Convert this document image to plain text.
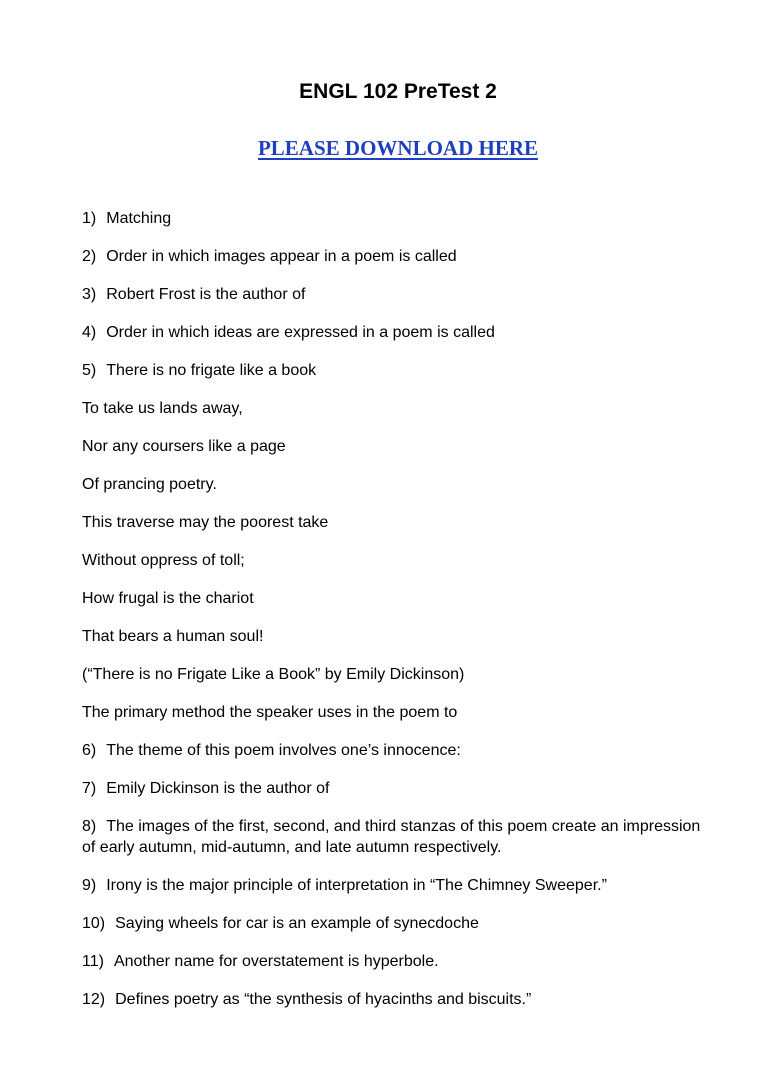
ENGL 102 PreTest 2
PLEASE DOWNLOAD HERE
1) Matching
2) Order in which images appear in a poem is called
3) Robert Frost is the author of
4) Order in which ideas are expressed in a poem is called
5) There is no frigate like a book
To take us lands away,
Nor any coursers like a page
Of prancing poetry.
This traverse may the poorest take
Without oppress of toll;
How frugal is the chariot
That bears a human soul!
(“There is no Frigate Like a Book” by Emily Dickinson)
The primary method the speaker uses in the poem to
6) The theme of this poem involves one’s innocence:
7) Emily Dickinson is the author of
8) The images of the first, second, and third stanzas of this poem create an impression of early autumn, mid-autumn, and late autumn respectively.
9) Irony is the major principle of interpretation in “The Chimney Sweeper.”
10) Saying wheels for car is an example of synecdoche
11) Another name for overstatement is hyperbole.
12) Defines poetry as “the synthesis of hyacinths and biscuits.”
